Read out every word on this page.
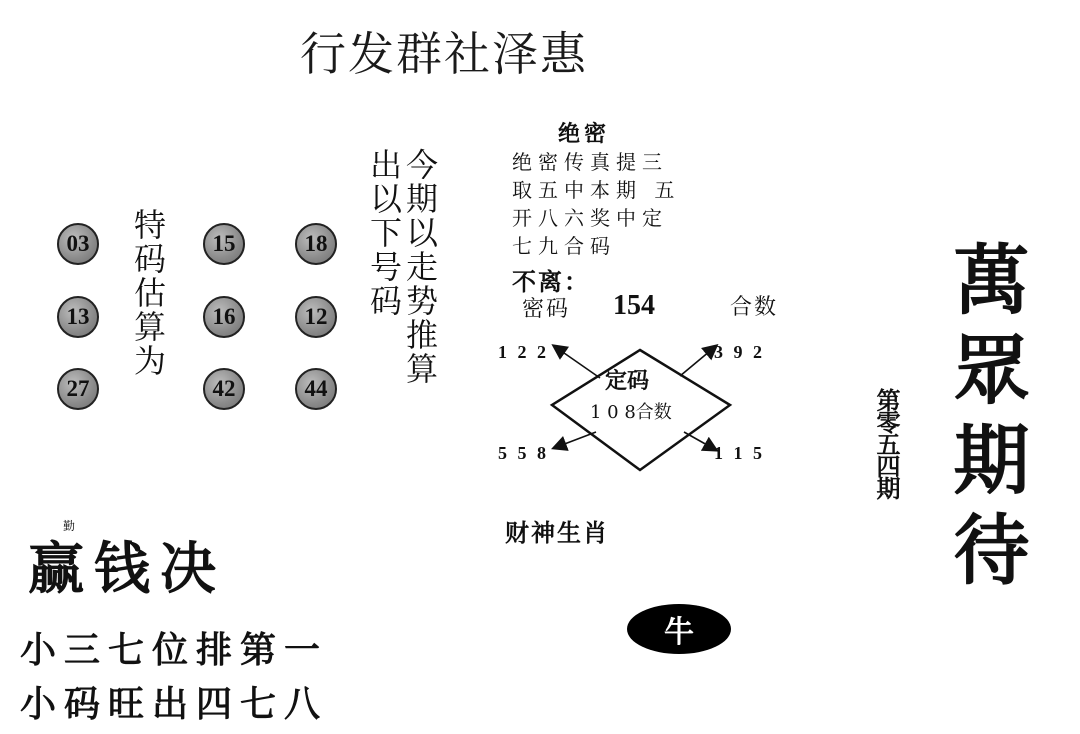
行发群社泽惠
03	15	18
13	16	12
27	42	44
特码估算为	今期以走势推算
出以下号码
绝密
绝密传真提三
取五中本期 五
开八六奖中定
七九合码
不离：
密码 154	合数
定码
1 0 8合数
1 2 2	3 9 2
5 5 8	1 1 5
财神生肖
牛
赢钱决
勤
小三七位排第一
小码旺出四七八
萬眾期待
第零五四期
